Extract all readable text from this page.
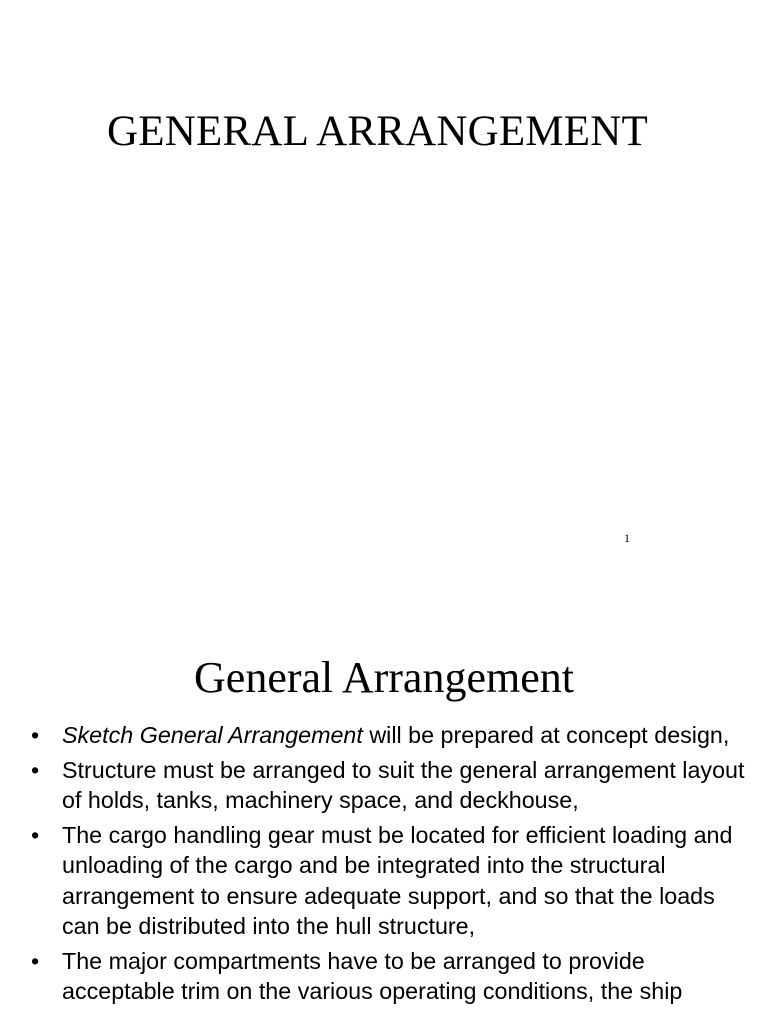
GENERAL ARRANGEMENT
1
General Arrangement
• Sketch General Arrangement will be prepared at concept design,
• Structure must be arranged to suit the general arrangement layout of holds, tanks, machinery space, and deckhouse,
• The cargo handling gear must be located for efficient loading and unloading of the cargo and be integrated into the structural arrangement to ensure adequate support, and so that the loads can be distributed into the hull structure,
• The major compartments have to be arranged to provide acceptable trim on the various operating conditions, the ship
